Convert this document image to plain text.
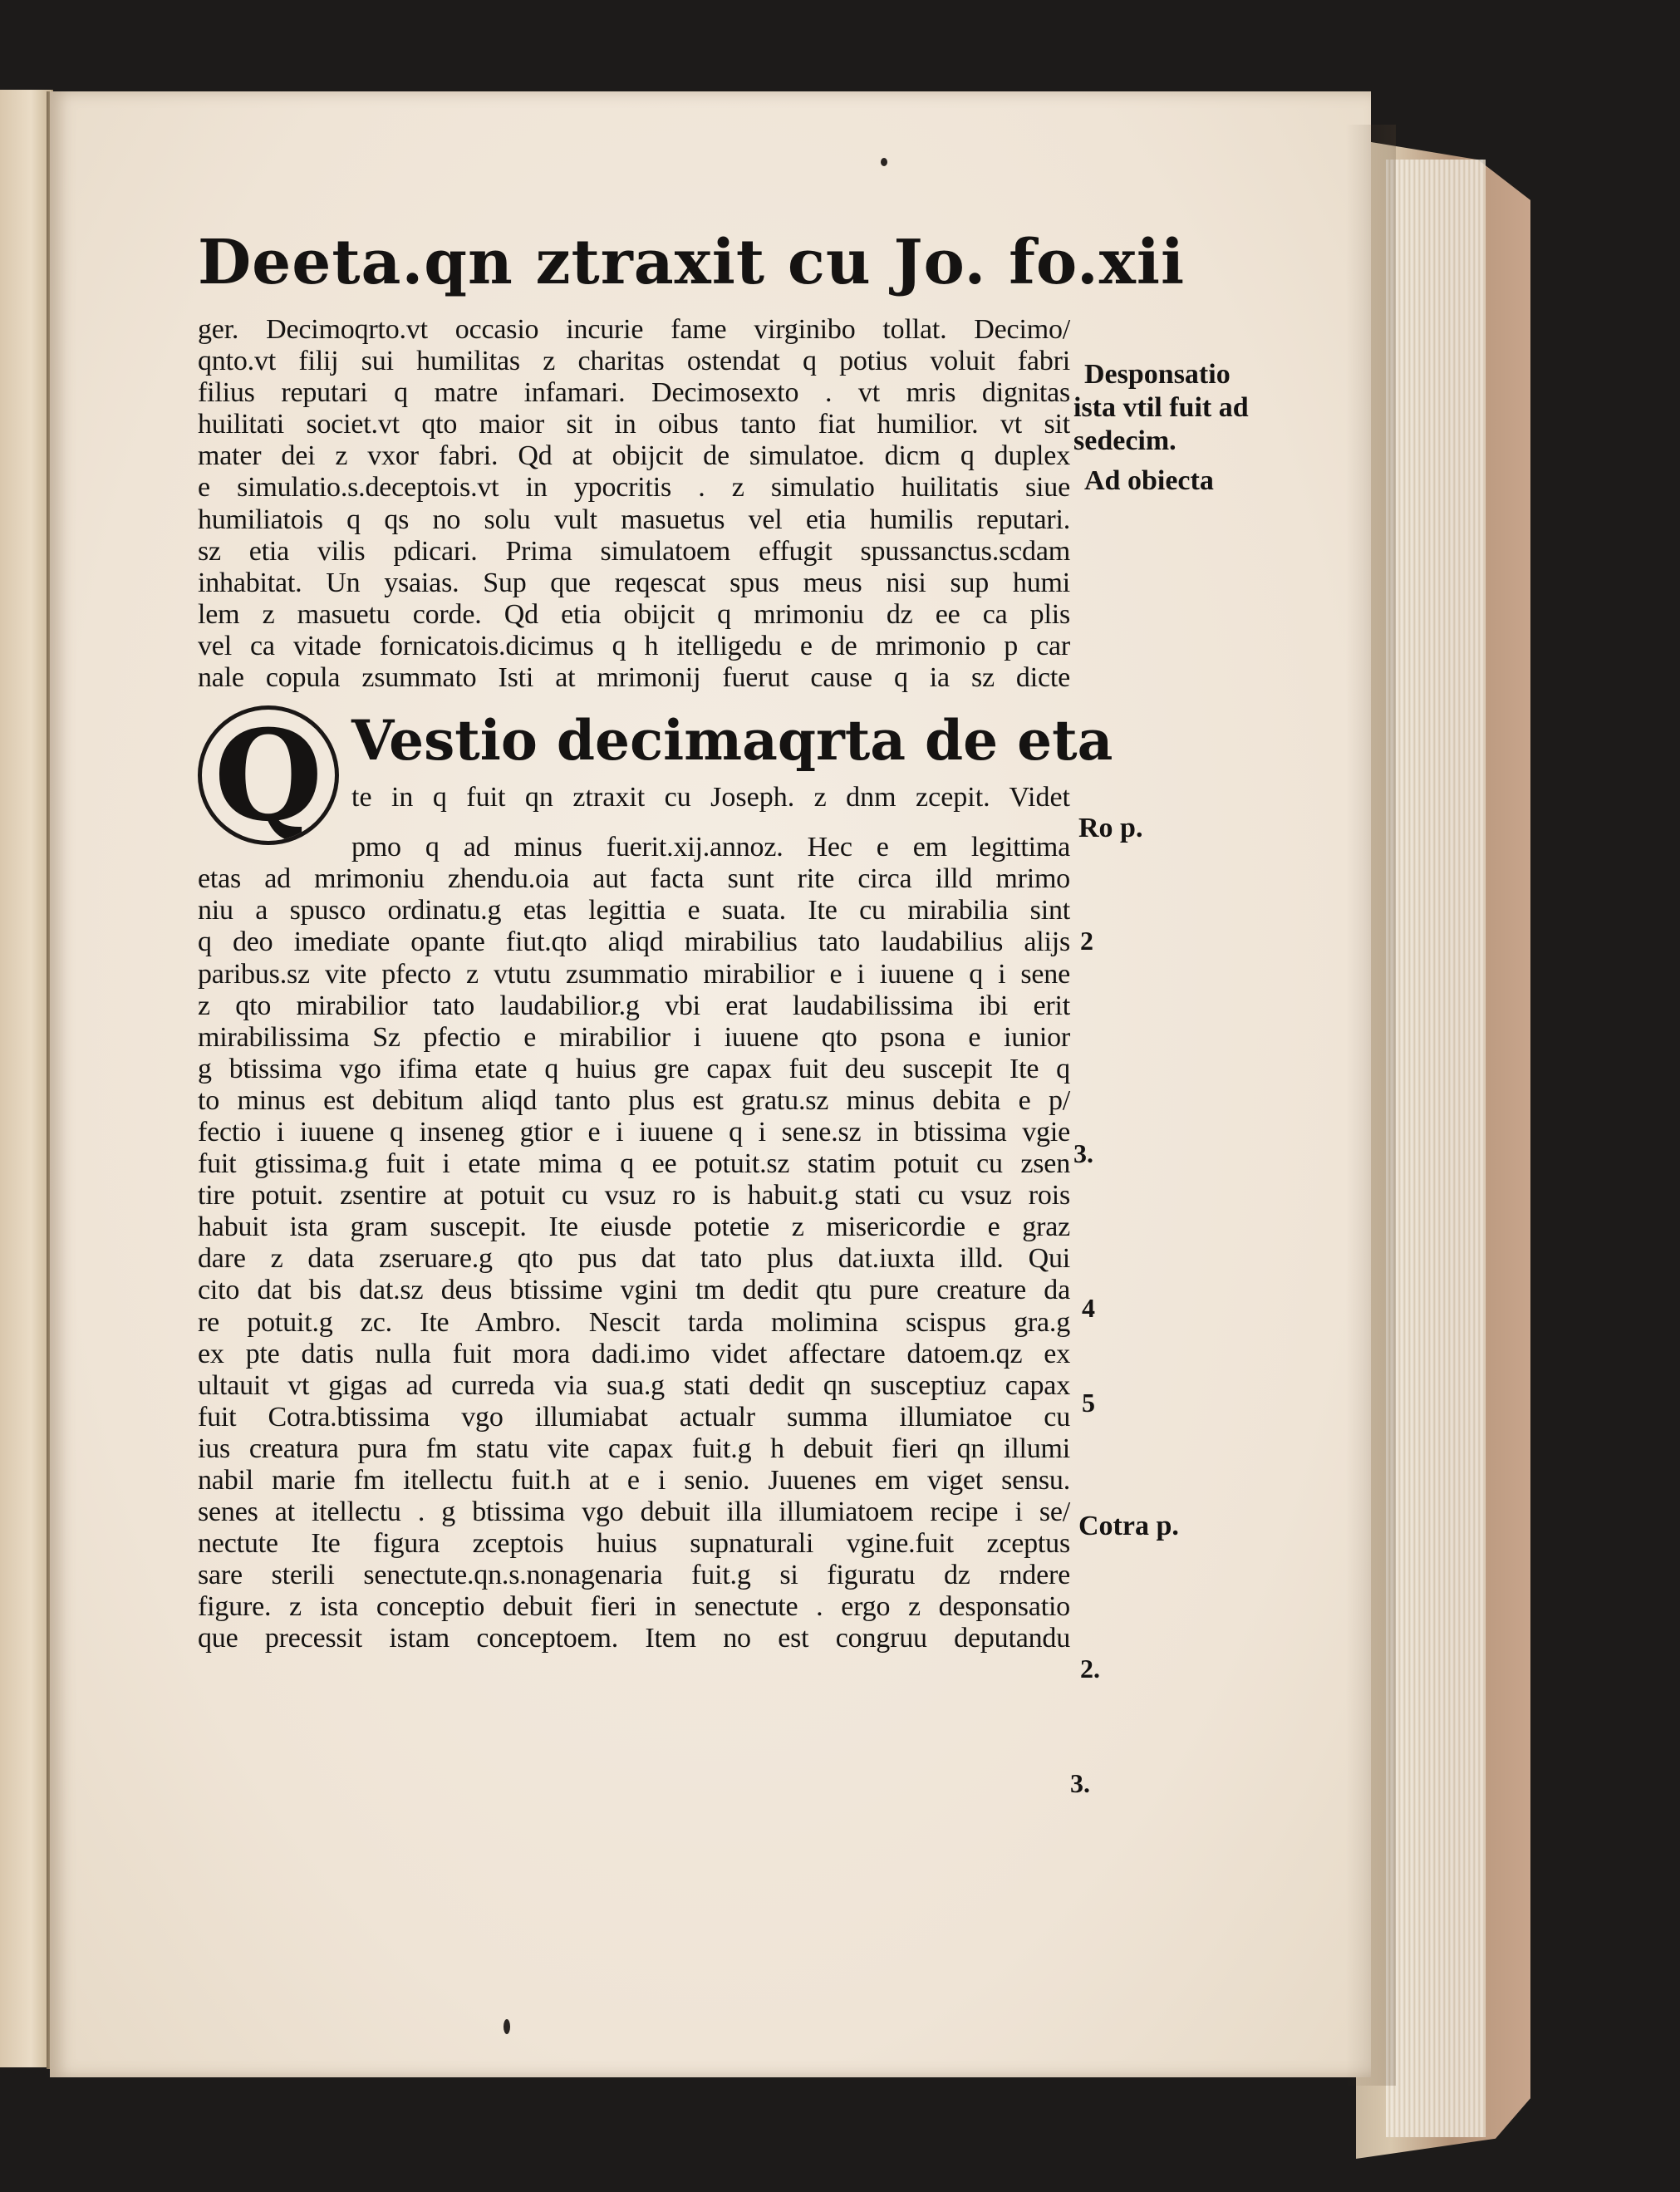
Deeta.qn ztraxit cu Jo. fo.xii
ger. Decimoqrto.vt occasio incurie fame virginibo tollat. Decimo/
qnto.vt filij sui humilitas z charitas ostendat q potius voluit fabri
filius reputari q matre infamari. Decimosexto . vt mris dignitas
huilitati societ.vt qto maior sit in oibus tanto fiat humilior. vt sit
mater dei z vxor fabri. Qd at obijcit de simulatoe. dicm q duplex
e simulatio.s.deceptois.vt in ypocritis . z simulatio huilitatis siue
humiliatois q qs no solu vult masuetus vel etia humilis reputari.
sz etia vilis pdicari. Prima simulatoem effugit spussanctus.scdam
inhabitat. Un ysaias. Sup que reqescat spus meus nisi sup humi
lem z masuetu corde. Qd etia obijcit q mrimoniu dz ee ca plis
vel ca vitade fornicatois.dicimus q h itelligedu e de mrimonio p car
nale copula zsummato Isti at mrimonij fuerut cause q ia sz dicte
Q Vestio decimaqrta de eta
te in q fuit qn ztraxit cu Joseph. z dnm zcepit. Videt
pmo q ad minus fuerit.xij.annoz. Hec e em legittima
etas ad mrimoniu zhendu.oia aut facta sunt rite circa illd mrimo
niu a spusco ordinatu.g etas legittia e suata. Ite cu mirabilia sint
q deo imediate opante fiut.qto aliqd mirabilius tato laudabilius alijs
paribus.sz vite pfecto z vtutu zsummatio mirabilior e i iuuene q i sene
z qto mirabilior tato laudabilior.g vbi erat laudabilissima ibi erit
mirabilissima Sz pfectio e mirabilior i iuuene qto psona e iunior
g btissima vgo ifima etate q huius gre capax fuit deu suscepit Ite q
to minus est debitum aliqd tanto plus est gratu.sz minus debita e p/
fectio i iuuene q inseneg gtior e i iuuene q i sene.sz in btissima vgie
fuit gtissima.g fuit i etate mima q ee potuit.sz statim potuit cu zsen
tire potuit. zsentire at potuit cu vsuz ro is habuit.g stati cu vsuz rois
habuit ista gram suscepit. Ite eiusde potetie z misericordie e graz
dare z data zseruare.g qto pus dat tato plus dat.iuxta illd. Qui
cito dat bis dat.sz deus btissime vgini tm dedit qtu pure creature da
re potuit.g zc. Ite Ambro. Nescit tarda molimina scispus gra.g
ex pte datis nulla fuit mora dadi.imo videt affectare datoem.qz ex
ultauit vt gigas ad curreda via sua.g stati dedit qn susceptiuz capax
fuit Cotra.btissima vgo illumiabat actualr summa illumiatoe cu
ius creatura pura fm statu vite capax fuit.g h debuit fieri qn illumi
nabil marie fm itellectu fuit.h at e i senio. Juuenes em viget sensu.
senes at itellectu . g btissima vgo debuit illa illumiatoem recipe i se/
nectute Ite figura zceptois huius supnaturali vgine.fuit zceptus
sare sterili senectute.qn.s.nonagenaria fuit.g si figuratu dz rndere
figure. z ista conceptio debuit fieri in senectute . ergo z desponsatio
que precessit istam conceptoem. Item no est congruu deputandu
Desponsatio
ista vtil fuit ad
sedecim.
Ad obiecta
Ro p.
2
3.
4
5
Cotra p.
2.
3.
